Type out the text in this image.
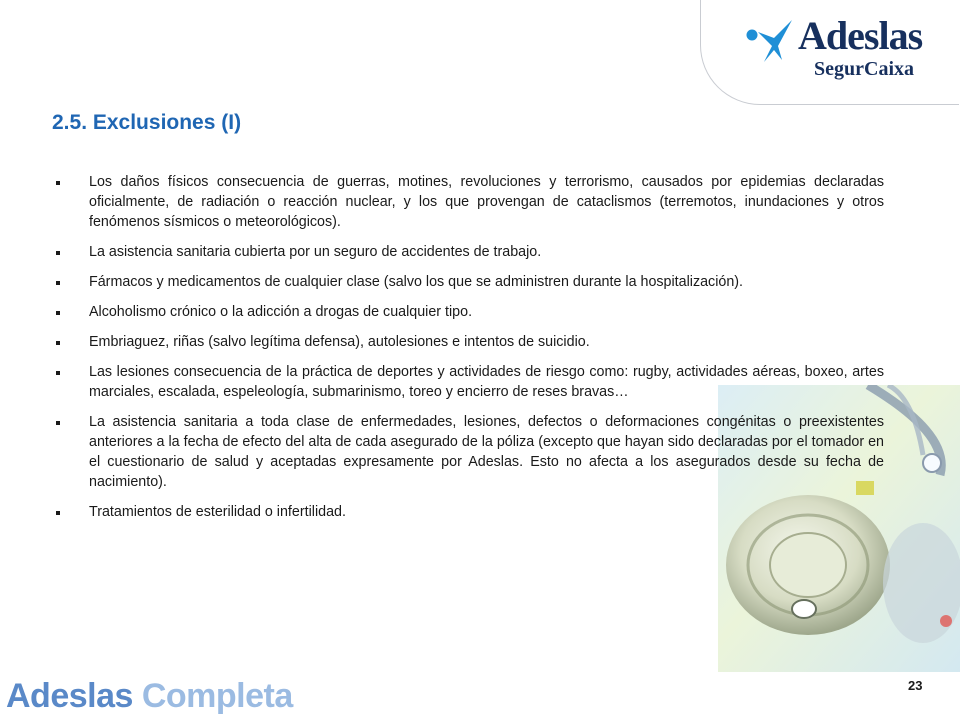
Adeslas
SegurCaixa
2.5. Exclusiones (I)
Los daños físicos consecuencia de guerras, motines, revoluciones y terrorismo, causados por epidemias declaradas oficialmente, de radiación o reacción nuclear, y los que provengan de cataclismos (terremotos, inundaciones y otros fenómenos sísmicos o meteorológicos).
La asistencia sanitaria cubierta por un seguro de accidentes de trabajo.
Fármacos y medicamentos de cualquier clase (salvo los que se administren durante la hospitalización).
Alcoholismo crónico o la adicción a drogas de cualquier tipo.
Embriaguez, riñas (salvo legítima defensa), autolesiones e intentos de suicidio.
Las lesiones consecuencia de la práctica de deportes y actividades de riesgo como: rugby, actividades aéreas, boxeo, artes marciales, escalada, espeleología, submarinismo, toreo y encierro de reses bravas…
La asistencia sanitaria a toda clase de enfermedades, lesiones, defectos o deformaciones congénitas o preexistentes anteriores a la fecha de efecto del alta de cada asegurado de la póliza (excepto que hayan sido declaradas por el tomador en el cuestionario de salud y aceptadas expresamente por Adeslas. Esto no afecta a los asegurados desde su fecha de nacimiento).
Tratamientos de esterilidad o infertilidad.
23
Adeslas Completa
